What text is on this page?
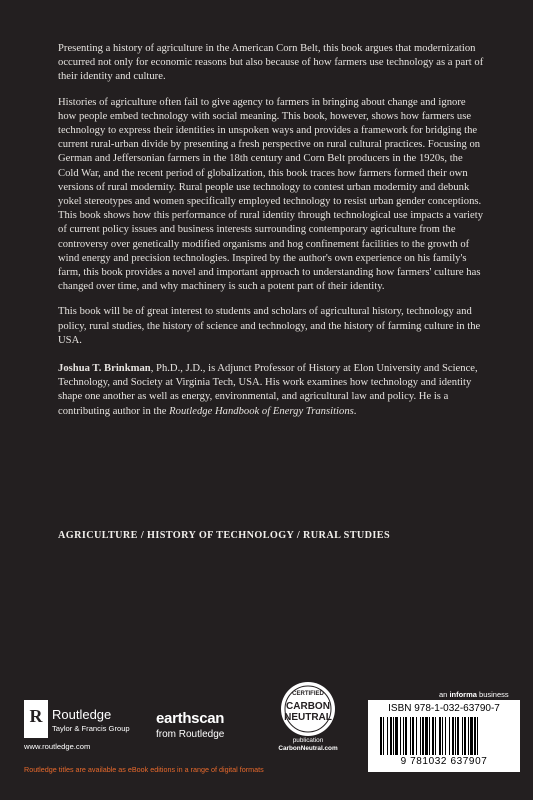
Presenting a history of agriculture in the American Corn Belt, this book argues that modernization occurred not only for economic reasons but also because of how farmers use technology as a part of their identity and culture.

Histories of agriculture often fail to give agency to farmers in bringing about change and ignore how people embed technology with social meaning. This book, however, shows how farmers use technology to express their identities in unspoken ways and provides a framework for bridging the current rural-urban divide by presenting a fresh perspective on rural cultural practices. Focusing on German and Jeffersonian farmers in the 18th century and Corn Belt producers in the 1920s, the Cold War, and the recent period of globalization, this book traces how farmers formed their own versions of rural modernity. Rural people use technology to contest urban modernity and debunk yokel stereotypes and women specifically employed technology to resist urban gender conceptions. This book shows how this performance of rural identity through technological use impacts a variety of current policy issues and business interests surrounding contemporary agriculture from the controversy over genetically modified organisms and hog confinement facilities to the growth of wind energy and precision technologies. Inspired by the author's own experience on his family's farm, this book provides a novel and important approach to understanding how farmers' culture has changed over time, and why machinery is such a potent part of their identity.

This book will be of great interest to students and scholars of agricultural history, technology and policy, rural studies, the history of science and technology, and the history of farming culture in the USA.

Joshua T. Brinkman, Ph.D., J.D., is Adjunct Professor of History at Elon University and Science, Technology, and Society at Virginia Tech, USA. His work examines how technology and identity shape one another as well as energy, environmental, and agricultural law and policy. He is a contributing author in the Routledge Handbook of Energy Transitions.

AGRICULTURE / HISTORY OF TECHNOLOGY / RURAL STUDIES
R Routledge
Taylor & Francis Group
www.routledge.com
earthscan
from Routledge
CERTIFIED
CARBON
NEUTRAL
publication
CarbonNeutral.com
an informa business
ISBN 978-1-032-63790-7
9 781032 637907
Routledge titles are available as eBook editions in a range of digital formats
